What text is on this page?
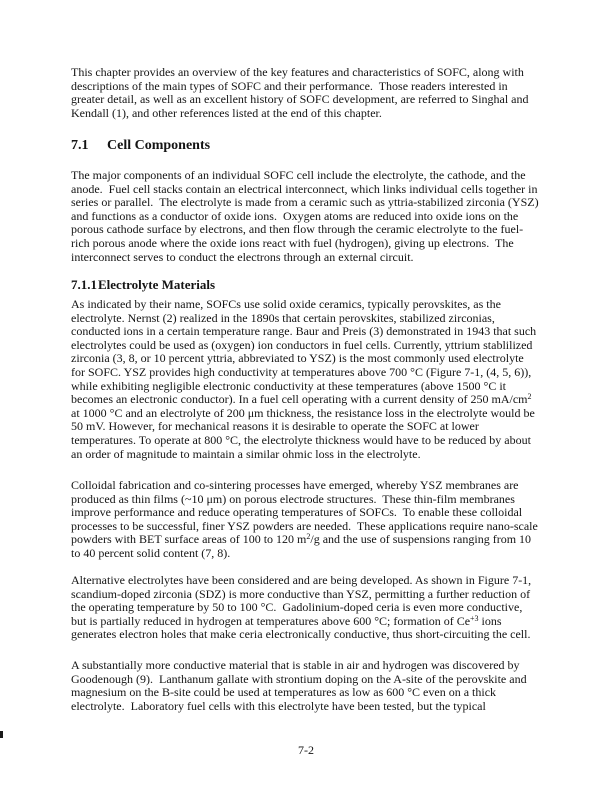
This chapter provides an overview of the key features and characteristics of SOFC, along with
descriptions of the main types of SOFC and their performance.  Those readers interested in
greater detail, as well as an excellent history of SOFC development, are referred to Singhal and
Kendall (1), and other references listed at the end of this chapter.
7.1 Cell Components
The major components of an individual SOFC cell include the electrolyte, the cathode, and the
anode.  Fuel cell stacks contain an electrical interconnect, which links individual cells together in
series or parallel.  The electrolyte is made from a ceramic such as yttria-stabilized zirconia (YSZ)
and functions as a conductor of oxide ions.  Oxygen atoms are reduced into oxide ions on the
porous cathode surface by electrons, and then flow through the ceramic electrolyte to the fuel-
rich porous anode where the oxide ions react with fuel (hydrogen), giving up electrons.  The
interconnect serves to conduct the electrons through an external circuit.
7.1.1Electrolyte Materials
As indicated by their name, SOFCs use solid oxide ceramics, typically perovskites, as the
electrolyte. Nernst (2) realized in the 1890s that certain perovskites, stabilized zirconias,
conducted ions in a certain temperature range. Baur and Preis (3) demonstrated in 1943 that such
electrolytes could be used as (oxygen) ion conductors in fuel cells. Currently, yttrium stablilized
zirconia (3, 8, or 10 percent yttria, abbreviated to YSZ) is the most commonly used electrolyte
for SOFC. YSZ provides high conductivity at temperatures above 700 °C (Figure 7-1, (4, 5, 6)),
while exhibiting negligible electronic conductivity at these temperatures (above 1500 °C it
becomes an electronic conductor). In a fuel cell operating with a current density of 250 $mA/cm^2$
at 1000 °C and an electrolyte of 200 μm thickness, the resistance loss in the electrolyte would be
50 mV. However, for mechanical reasons it is desirable to operate the SOFC at lower
temperatures. To operate at 800 °C, the electrolyte thickness would have to be reduced by about
an order of magnitude to maintain a similar ohmic loss in the electrolyte.
Colloidal fabrication and co-sintering processes have emerged, whereby YSZ membranes are
produced as thin films (~10 μm) on porous electrode structures.  These thin-film membranes
improve performance and reduce operating temperatures of SOFCs.  To enable these colloidal
processes to be successful, finer YSZ powders are needed.  These applications require nano-scale
powders with BET surface areas of 100 to 120 $m^2/g$ and the use of suspensions ranging from 10
to 40 percent solid content (7, 8).
Alternative electrolytes have been considered and are being developed. As shown in Figure 7-1,
scandium-doped zirconia (SDZ) is more conductive than YSZ, permitting a further reduction of
the operating temperature by 50 to 100 °C.  Gadolinium-doped ceria is even more conductive,
but is partially reduced in hydrogen at temperatures above 600 °C; formation of $Ce^{+3}$ ions
generates electron holes that make ceria electronically conductive, thus short-circuiting the cell.
A substantially more conductive material that is stable in air and hydrogen was discovered by
Goodenough (9).  Lanthanum gallate with strontium doping on the A-site of the perovskite and
magnesium on the B-site could be used at temperatures as low as 600 °C even on a thick
electrolyte.  Laboratory fuel cells with this electrolyte have been tested, but the typical
7-2
